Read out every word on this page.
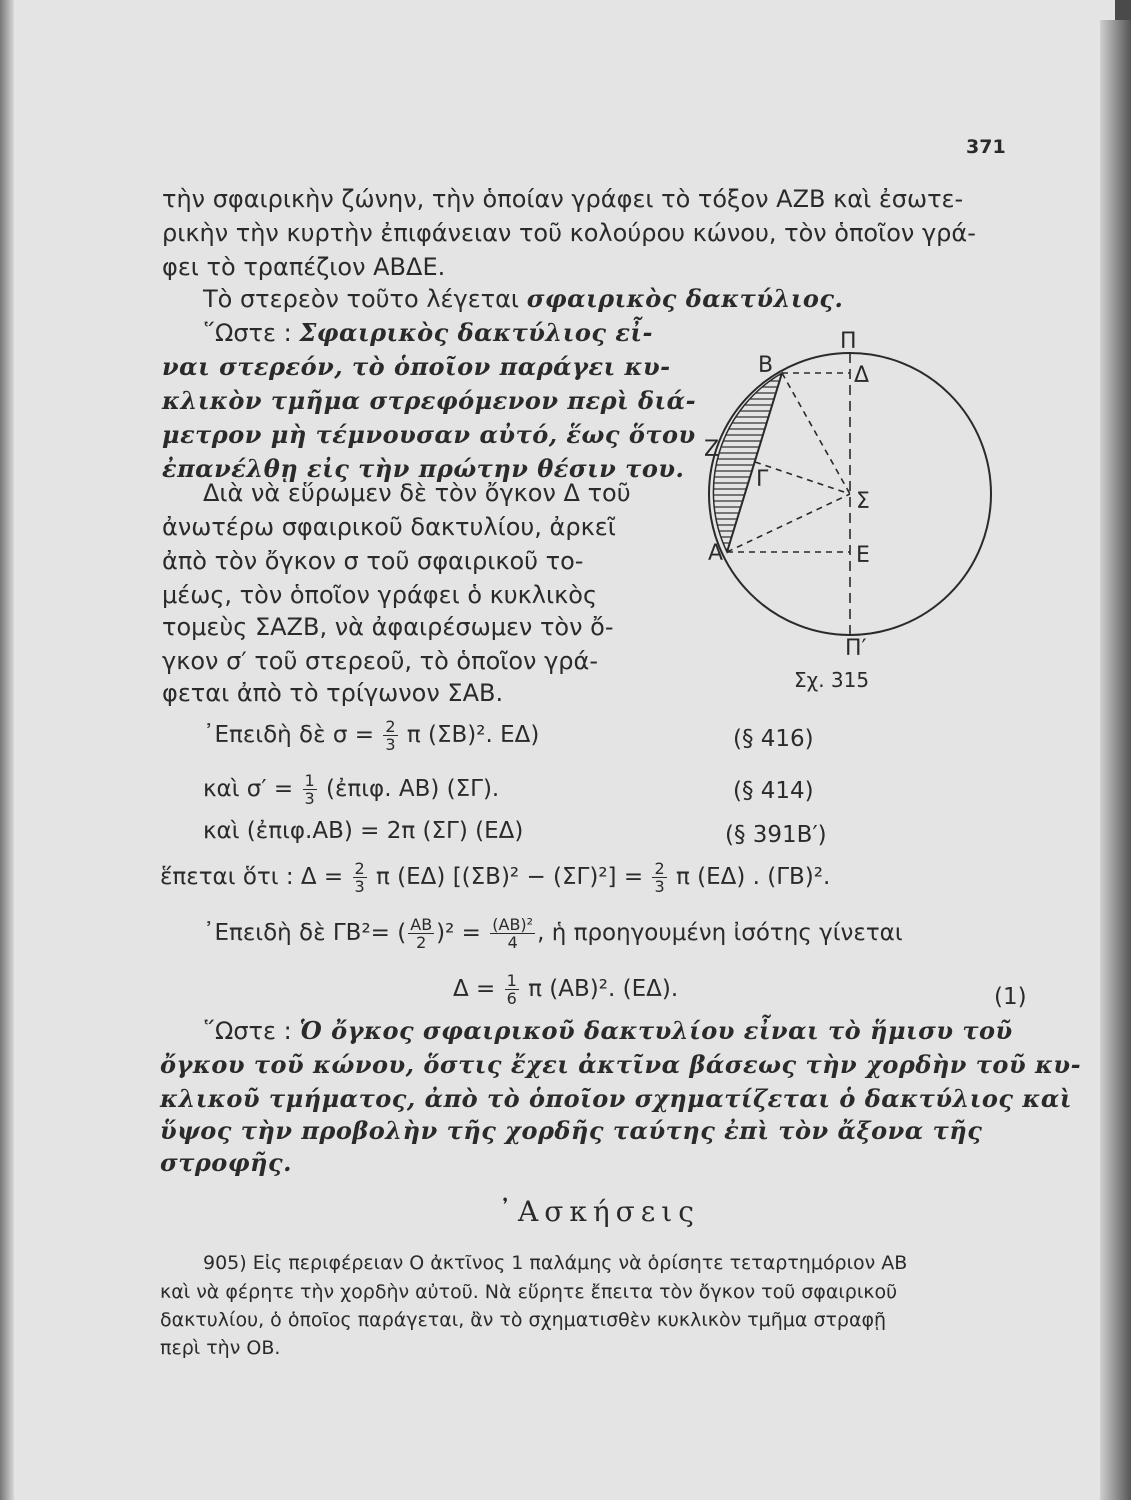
371
τὴν σφαιρικὴν ζώνην, τὴν ὁποίαν γράφει τὸ τόξον ΑΖΒ καὶ ἐσωτε-
ρικὴν τὴν κυρτὴν ἐπιφάνειαν τοῦ κολούρου κώνου, τὸν ὁποῖον γρά-
φει τὸ τραπέζιον ΑΒΔΕ.
Τὸ στερεὸν τοῦτο λέγεται σφαιρικὸς δακτύλιος.
῞Ωστε : Σφαιρικὸς δακτύλιος εἶ-
ναι στερεόν, τὸ ὁποῖον παράγει κυ-
κλικὸν τμῆμα στρεφόμενον περὶ διά-
μετρον μὴ τέμνουσαν αὐτό, ἕως ὅτου
ἐπανέλθῃ εἰς τὴν πρώτην θέσιν του.
Διὰ νὰ εὕρωμεν δὲ τὸν ὄγκον Δ τοῦ
ἀνωτέρω σφαιρικοῦ δακτυλίου, ἀρκεῖ
ἀπὸ τὸν ὄγκον σ τοῦ σφαιρικοῦ το-
μέως, τὸν ὁποῖον γράφει ὁ κυκλικὸς
τομεὺς ΣΑΖΒ, νὰ ἀφαιρέσωμεν τὸν ὄ-
γκον σ′ τοῦ στερεοῦ, τὸ ὁποῖον γρά-
φεται ἀπὸ τὸ τρίγωνον ΣΑΒ.
Π
Β	Δ
Ζ
Γ
Σ
Α	Ε
Π′
Σχ. 315
᾿Επειδὴ δὲ $\sigma = \frac{2}{3}$ π (ΣΒ)². ΕΔ)	(§ 416)
καὶ $\sigma' = \frac{1}{3}$ (ἐπιφ. ΑΒ) (ΣΓ).	(§ 414)
καὶ (ἐπιφ.ΑΒ) = 2π (ΣΓ) (ΕΔ)	(§ 391Β′)
ἕπεται ὅτι : $\Delta = \frac{2}{3}$ π (ΕΔ) $[(\Sigma B)^2 - (\Sigma\Gamma)^2] = \frac{2}{3}$ π (ΕΔ) . (ΓΒ)².
᾿Επειδὴ δὲ ΓΒ²= ( $\frac{AB}{2} )^2 = \frac{\text{(ΑΒ)²}}{4}$ , ἡ προηγουμένη ἰσότης γίνεται
$\Delta = \frac{1}{6}$ π (ΑΒ)². (ΕΔ).	(1)
῞Ωστε : Ὁ ὄγκος σφαιρικοῦ δακτυλίου εἶναι τὸ ἥμισυ τοῦ
ὄγκου τοῦ κώνου, ὅστις ἔχει ἀκτῖνα βάσεως τὴν χορδὴν τοῦ κυ-
κλικοῦ τμήματος, ἀπὸ τὸ ὁποῖον σχηματίζεται ὁ δακτύλιος καὶ
ὕψος τὴν προβολὴν τῆς χορδῆς ταύτης ἐπὶ τὸν ἄξονα τῆς
στροφῆς.
᾿Ασκήσεις
905) Εἰς περιφέρειαν Ο ἀκτῖνος 1 παλάμης νὰ ὁρίσητε τεταρτημόριον ΑΒ
καὶ νὰ φέρητε τὴν χορδὴν αὐτοῦ. Νὰ εὕρητε ἔπειτα τὸν ὄγκον τοῦ σφαιρικοῦ
δακτυλίου, ὁ ὁποῖος παράγεται, ἂν τὸ σχηματισθὲν κυκλικὸν τμῆμα στραφῇ
περὶ τὴν ΟΒ.
